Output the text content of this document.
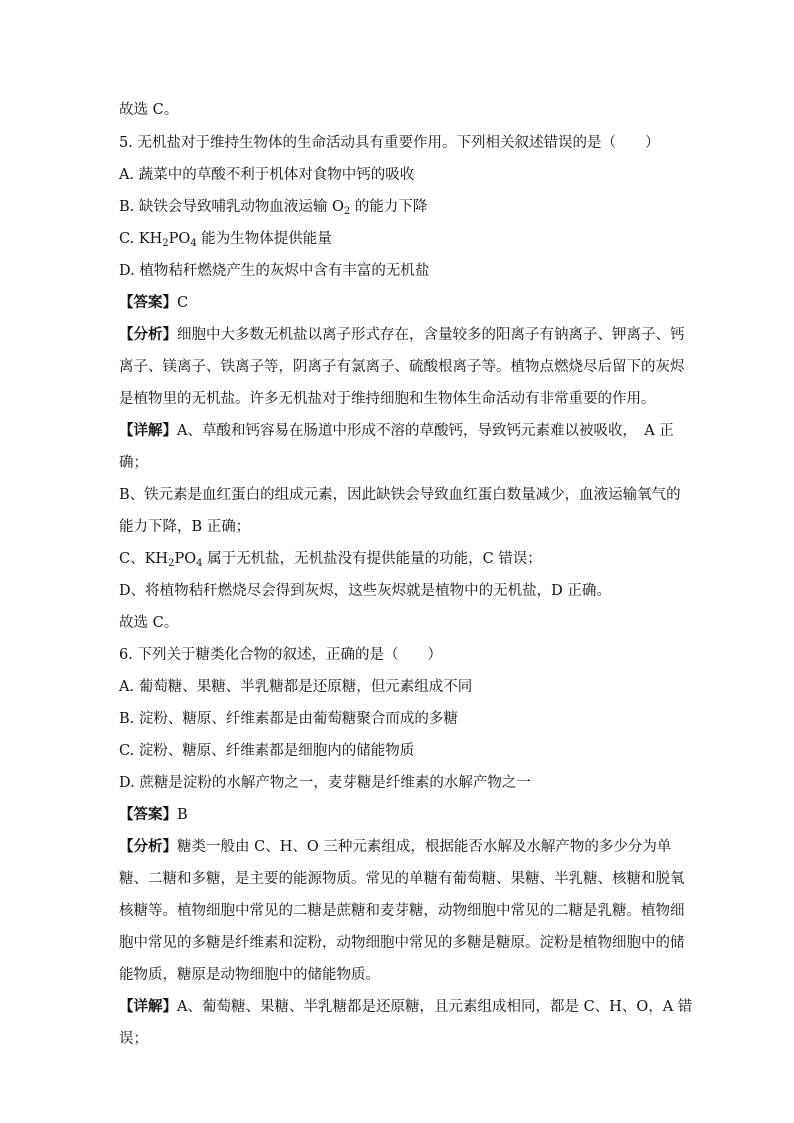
故选 C。
5. 无机盐对于维持生物体的生命活动具有重要作用。下列相关叙述错误的是（　　）
A. 蔬菜中的草酸不利于机体对食物中钙的吸收
B. 缺铁会导致哺乳动物血液运输 $O_2$ 的能力下降
C. $KH_2PO_4$ 能为生物体提供能量
D. 植物秸秆燃烧产生的灰烬中含有丰富的无机盐
【答案】C
【分析】细胞中大多数无机盐以离子形式存在，含量较多的阳离子有钠离子、钾离子、钙
离子、镁离子、铁离子等，阴离子有氯离子、硫酸根离子等。植物点燃烧尽后留下的灰烬
是植物里的无机盐。许多无机盐对于维持细胞和生物体生命活动有非常重要的作用。
【详解】A、草酸和钙容易在肠道中形成不溶的草酸钙，导致钙元素难以被吸收，　A 正
确；
B、铁元素是血红蛋白的组成元素，因此缺铁会导致血红蛋白数量减少，血液运输氧气的
能力下降，B 正确；
C、$KH_2PO_4$ 属于无机盐，无机盐没有提供能量的功能，C 错误；
D、将植物秸秆燃烧尽会得到灰烬，这些灰烬就是植物中的无机盐，D 正确。
故选 C。
6. 下列关于糖类化合物的叙述，正确的是（　　）
A. 葡萄糖、果糖、半乳糖都是还原糖，但元素组成不同
B. 淀粉、糖原、纤维素都是由葡萄糖聚合而成的多糖
C. 淀粉、糖原、纤维素都是细胞内的储能物质
D. 蔗糖是淀粉的水解产物之一，麦芽糖是纤维素的水解产物之一
【答案】B
【分析】糖类一般由 C、H、O 三种元素组成，根据能否水解及水解产物的多少分为单
糖、二糖和多糖，是主要的能源物质。常见的单糖有葡萄糖、果糖、半乳糖、核糖和脱氧
核糖等。植物细胞中常见的二糖是蔗糖和麦芽糖，动物细胞中常见的二糖是乳糖。植物细
胞中常见的多糖是纤维素和淀粉，动物细胞中常见的多糖是糖原。淀粉是植物细胞中的储
能物质，糖原是动物细胞中的储能物质。
【详解】A、葡萄糖、果糖、半乳糖都是还原糖，且元素组成相同，都是 C、H、O，A 错
误；
